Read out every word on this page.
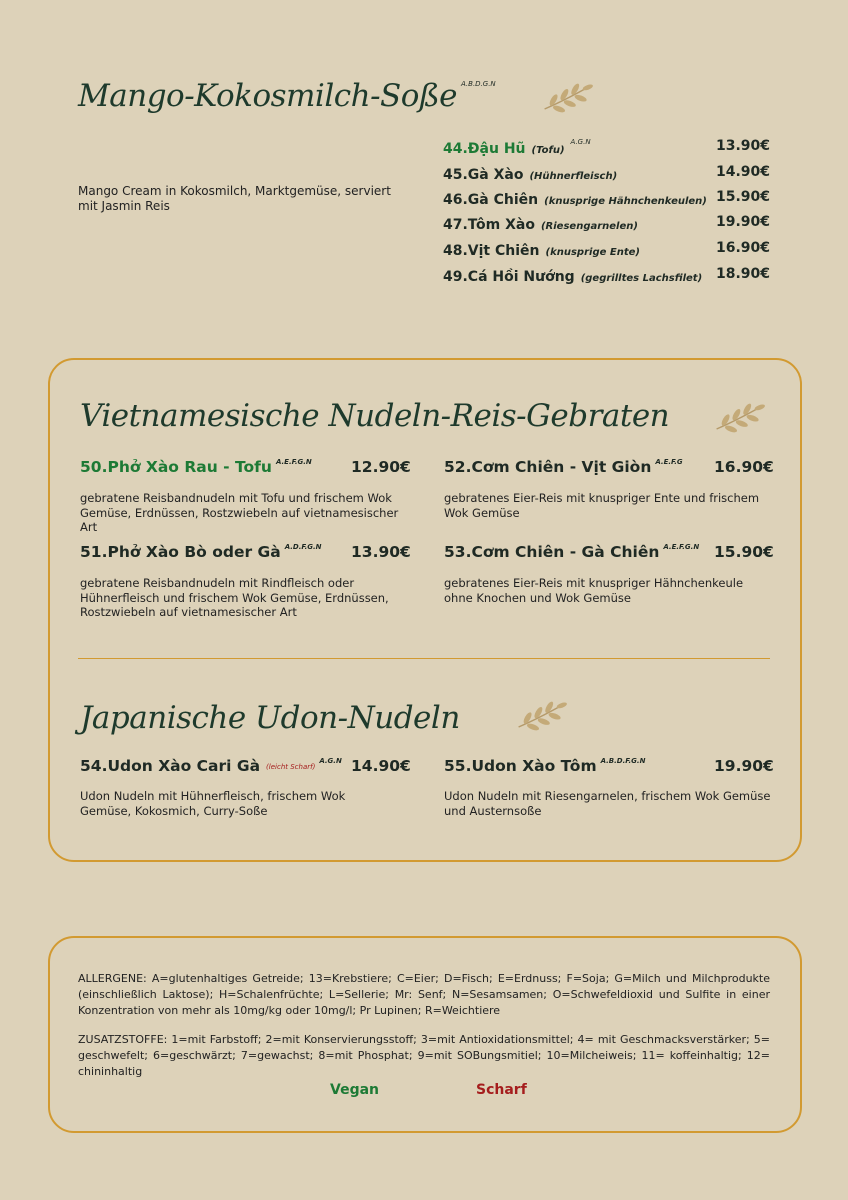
Mango-Kokosmilch-Soße $^{A.B.D.G.N}$
Mango Cream in Kokosmilch, Marktgemüse, serviert mit Jasmin Reis
44.Đậu Hũ (Tofu)$^{A.G.N}$	13.90€
45.Gà Xào (Hühnerfleisch)	14.90€
46.Gà Chiên (knusprige Hähnchenkeulen) 15.90€
47.Tôm Xào (Riesengarnelen)	19.90€
48.Vịt Chiên (knusprige Ente)	16.90€
49.Cá Hồi Nướng (gegrilltes Lachsfilet) 18.90€
Vietnamesische Nudeln-Reis-Gebraten
50.Phở Xào Rau - Tofu $^{A.E.F.G.N}$	12.90€
gebratene Reisbandnudeln mit Tofu und frischem Wok Gemüse, Erdnüssen, Rostzwiebeln auf vietnamesischer Art
52.Cơm Chiên - Vịt Giòn $^{A.E.F.G}$ 16.90€
gebratenes Eier-Reis mit knuspriger Ente und frischem Wok Gemüse
51.Phở Xào Bò oder Gà $^{A.D.F.G.N}$ 13.90€
gebratene Reisbandnudeln mit Rindfleisch oder Hühnerfleisch und frischem Wok Gemüse, Erdnüssen, Rostzwiebeln auf vietnamesischer Art
53.Cơm Chiên - Gà Chiên $^{A.E.F.G.N}$ 15.90€
gebratenes Eier-Reis mit knuspriger Hähnchenkeule ohne Knochen und Wok Gemüse
Japanische Udon-Nudeln
54.Udon Xào Cari Gà (leicht Scharf)$^{A.G.N}$ 14.90€
Udon Nudeln mit Hühnerfleisch, frischem Wok Gemüse, Kokosmich, Curry-Soße
55.Udon Xào Tôm $^{A.B.D.F.G.N}$	19.90€
Udon Nudeln mit Riesengarnelen, frischem Wok Gemüse und Austernsoße
ALLERGENE: A=glutenhaltiges Getreide; 13=Krebstiere; C=Eier; D=Fisch; E=Erdnuss; F=Soja; G=Milch und Milchprodukte (einschließlich Laktose); H=Schalenfrüchte; L=Sellerie; Mr: Senf; N=Sesamsamen; O=Schwefeldioxid und Sulfite in einer Konzentration von mehr als 10mg/kg oder 10mg/l; Pr Lupinen; R=Weichtiere
ZUSATZSTOFFE: 1=mit Farbstoff; 2=mit Konservierungsstoff; 3=mit Antioxidationsmittel; 4= mit Geschmacksverstärker; 5= geschwefelt; 6=geschwärzt; 7=gewachst; 8=mit Phosphat; 9=mit SOBungsmitiel; 10=Milcheiweis; 11= koffeinhaltig; 12= chininhaltig
Vegan	Scharf
